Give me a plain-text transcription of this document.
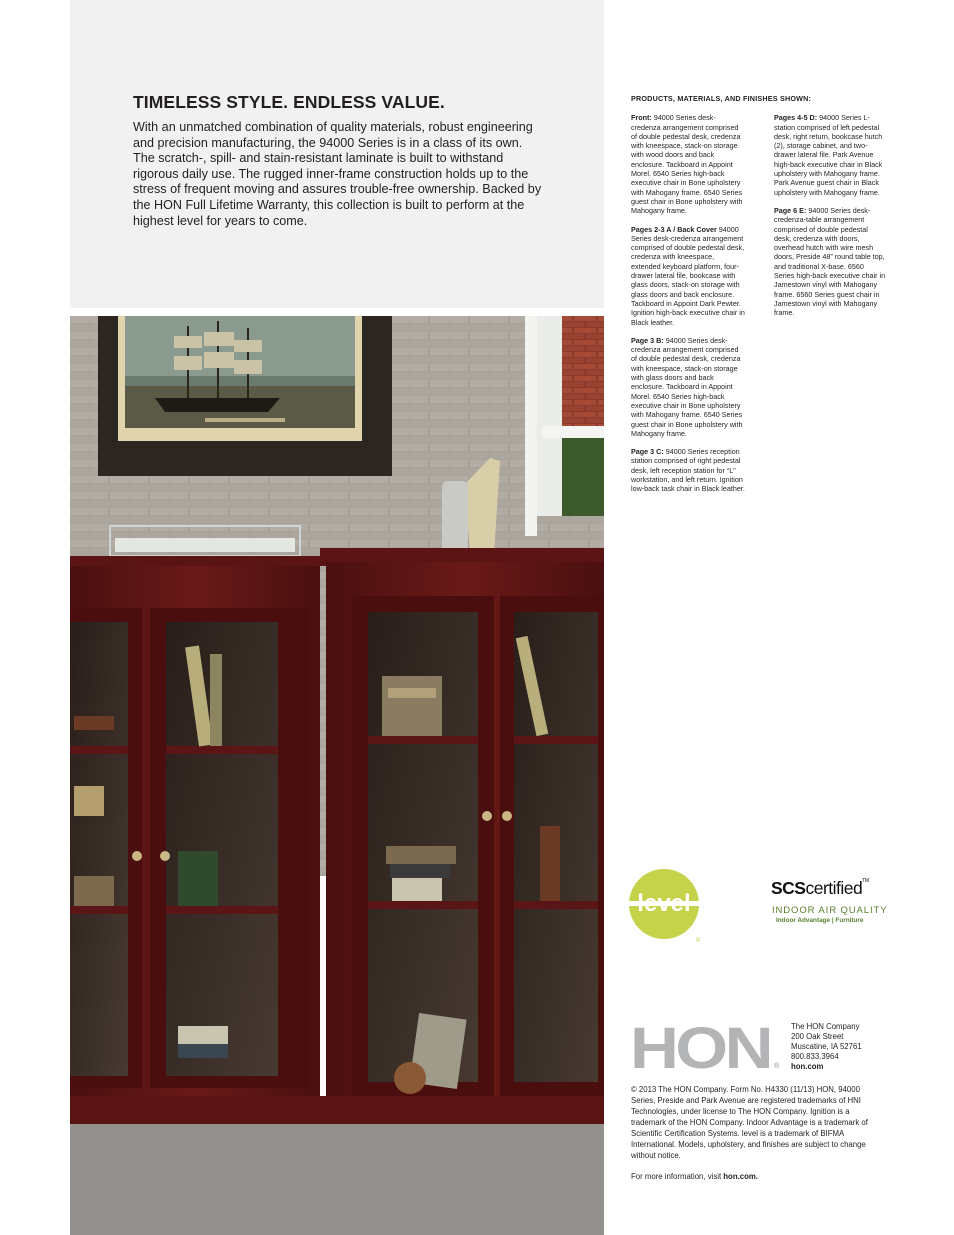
TIMELESS STYLE. ENDLESS VALUE.

With an unmatched combination of quality materials, robust engineering and precision manufacturing, the 94000 Series is in a class of its own. The scratch-, spill- and stain-resistant laminate is built to withstand rigorous daily use. The rugged inner-frame construction holds up to the stress of frequent moving and assures trouble-free ownership. Backed by the HON Full Lifetime Warranty, this collection is built to perform at the highest level for years to come.

PRODUCTS, MATERIALS, AND FINISHES SHOWN:

Front: 94000 Series desk-credenza arrangement comprised of double pedestal desk, credenza with kneespace, stack-on storage with wood doors and back enclosure. Tackboard in Appoint Morel. 6540 Series high-back executive chair in Bone upholstery with Mahogany frame. 6540 Series guest chair in Bone upholstery with Mahogany frame.

Pages 2-3 A / Back Cover 94000 Series desk-credenza arrangement comprised of double pedestal desk, credenza with kneespace, extended keyboard platform, four-drawer lateral file, bookcase with glass doors, stack-on storage with glass doors and back enclosure. Tackboard in Appoint Dark Pewter. Ignition high-back executive chair in Black leather.

Page 3 B: 94000 Series desk-credenza arrangement comprised of double pedestal desk, credenza with kneespace, stack-on storage with glass doors and back enclosure. Tackboard in Appoint Morel. 6540 Series high-back executive chair in Bone upholstery with Mahogany frame. 6540 Series guest chair in Bone upholstery with Mahogany frame.

Page 3 C: 94000 Series reception station comprised of right pedestal desk, left reception station for “L” workstation, and left return. Ignition low-back task chair in Black leather.

Pages 4-5 D: 94000 Series L-station comprised of left pedestal desk, right return, bookcase hutch (2), storage cabinet, and two-drawer lateral file. Park Avenue high-back executive chair in Black upholstery with Mahogany frame. Park Avenue guest chair in Black upholstery with Mahogany frame.

Page 6 E: 94000 Series desk-credenza-table arrangement comprised of double pedestal desk, credenza with doors, overhead hutch with wire mesh doors, Preside 48” round table top, and traditional X-base. 6560 Series high-back executive chair in Jamestown vinyl with Mahogany frame. 6560 Series guest chair in Jamestown vinyl with Mahogany frame.

level
®
SCScertified™
INDOOR AIR QUALITY
Indoor Advantage | Furniture
HON ®
The HON Company
200 Oak Street
Muscatine, IA 52761
800.833.3964
hon.com

© 2013 The HON Company. Form No. H4330 (11/13) HON, 94000 Series, Preside and Park Avenue are registered trademarks of HNI Technologies, under license to The HON Company. Ignition is a trademark of the HON Company. Indoor Advantage is a trademark of Scientific Certification Systems. level is a trademark of BIFMA International. Models, upholstery, and finishes are subject to change without notice.

For more information, visit hon.com.
